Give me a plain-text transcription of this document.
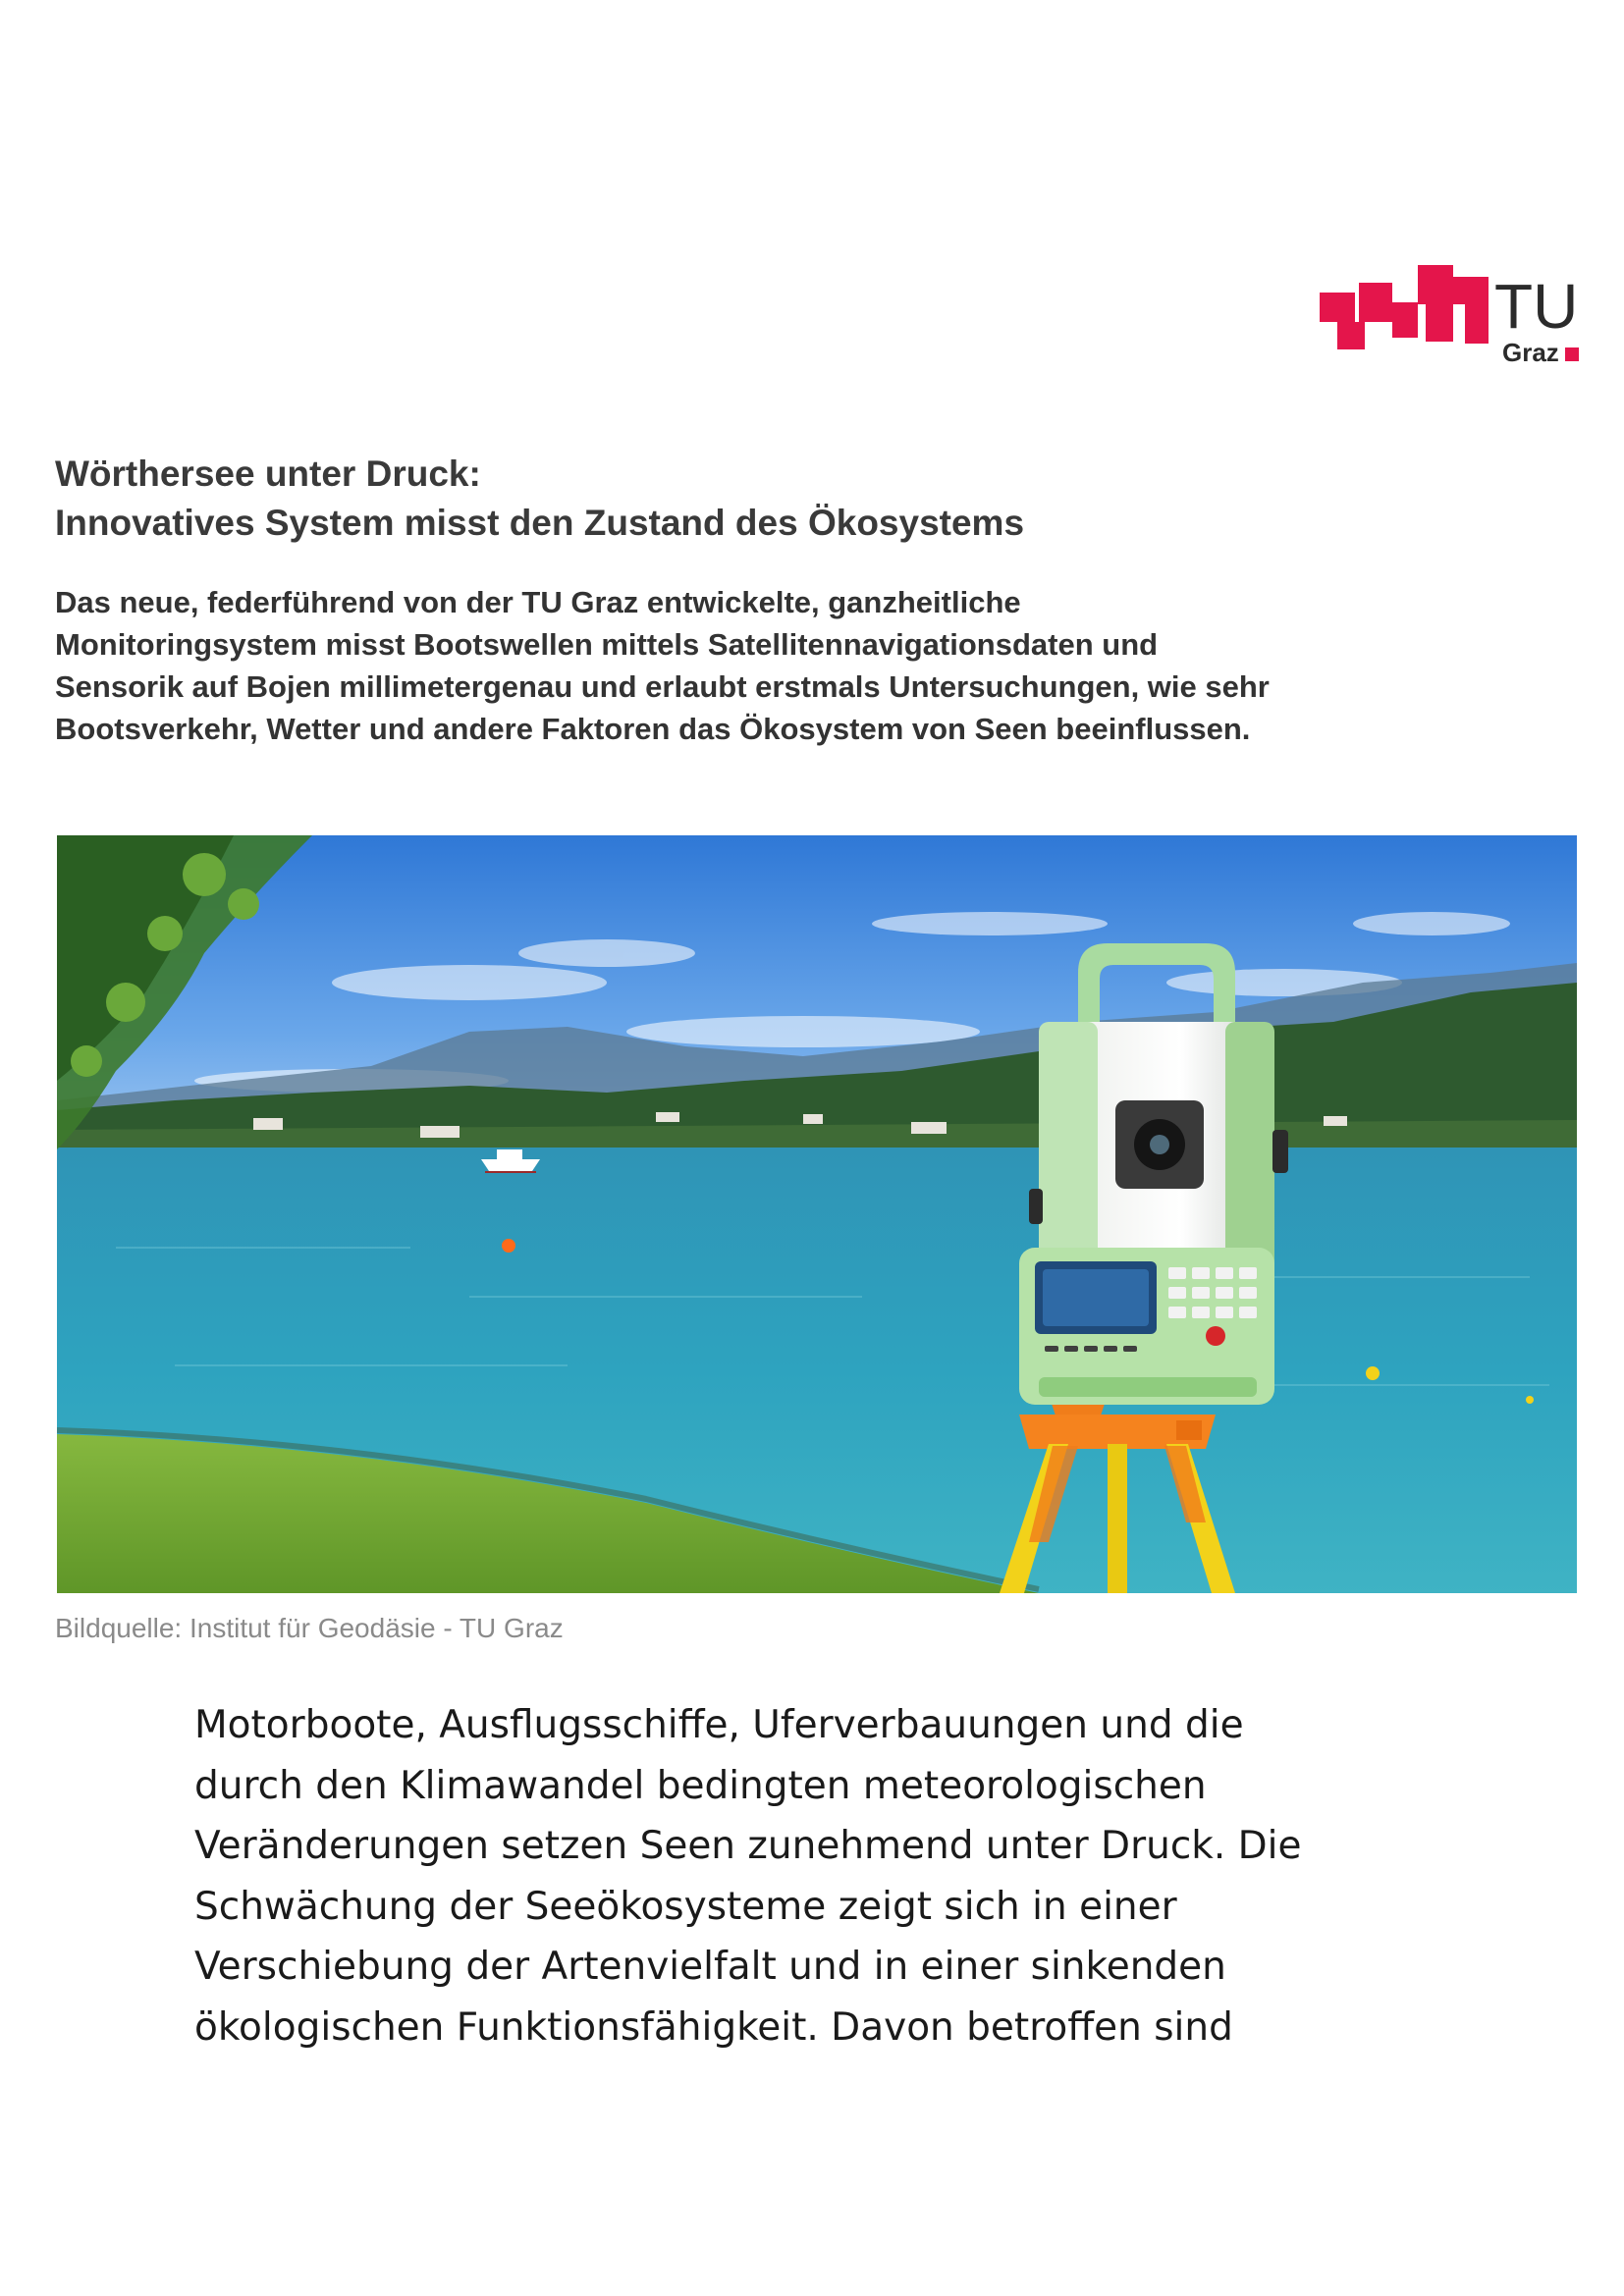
TU
Graz
Wörthersee unter Druck:
Innovatives System misst den Zustand des Ökosystems

Das neue, federführend von der TU Graz entwickelte, ganzheitliche
Monitoringsystem misst Bootswellen mittels Satellitennavigationsdaten und
Sensorik auf Bojen millimetergenau und erlaubt erstmals Untersuchungen, wie sehr
Bootsverkehr, Wetter und andere Faktoren das Ökosystem von Seen beeinflussen.

Bildquelle: Institut für Geodäsie - TU Graz

Motorboote, Ausflugsschiffe, Uferverbauungen und die
durch den Klimawandel bedingten meteorologischen
Veränderungen setzen Seen zunehmend unter Druck. Die
Schwächung der Seeökosysteme zeigt sich in einer
Verschiebung der Artenvielfalt und in einer sinkenden
ökologischen Funktionsfähigkeit. Davon betroffen sind
